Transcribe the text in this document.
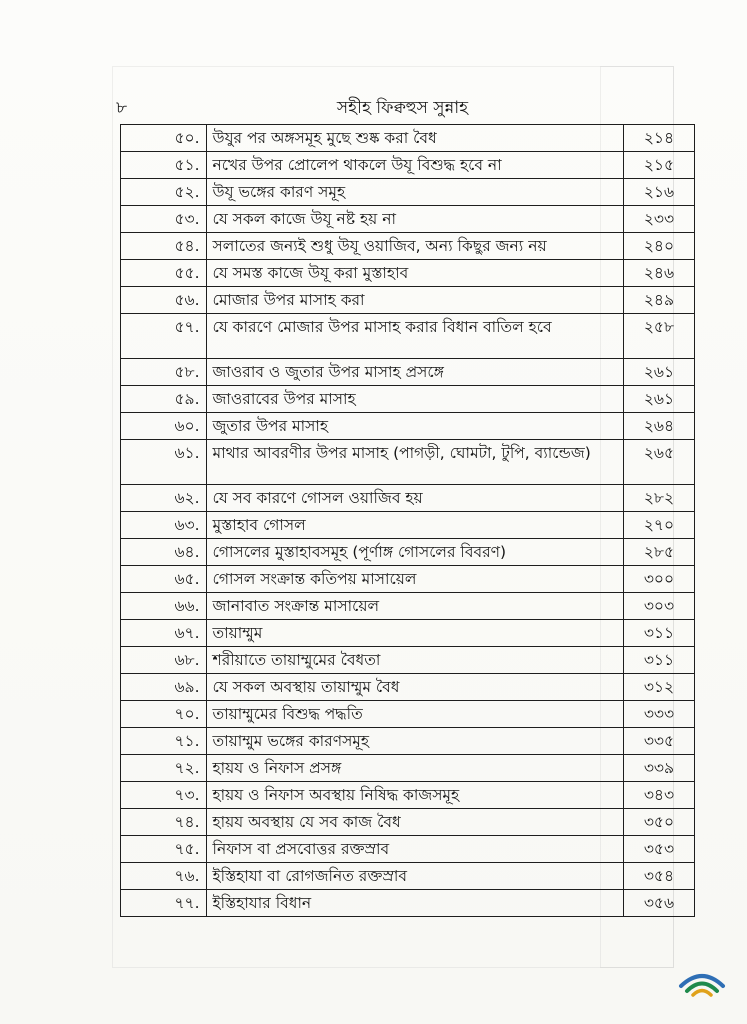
৮	সহীহ ফিক্বহুস সুন্নাহ
৫০.	উযুর পর অঙ্গসমূহ মুছে শুষ্ক করা বৈধ	২১৪
৫১.	নখের উপর প্রোলেপ থাকলে উযূ বিশুদ্ধ হবে না	২১৫
৫২.	উযূ ভঙ্গের কারণ সমূহ	২১৬
৫৩.	যে সকল কাজে উযূ নষ্ট হয় না	২৩৩
৫৪.	সলাতের জন্যই শুধু উযূ ওয়াজিব, অন্য কিছুর জন্য নয়	২৪০
৫৫.	যে সমস্ত কাজে উযূ করা মুস্তাহাব	২৪৬
৫৬.	মোজার উপর মাসাহ করা	২৪৯
৫৭.	যে কারণে মোজার উপর মাসাহ করার বিধান বাতিল হবে	২৫৮
৫৮.	জাওরাব ও জুতার উপর মাসাহ প্রসঙ্গে	২৬১
৫৯.	জাওরাবের উপর মাসাহ	২৬১
৬০.	জুতার উপর মাসাহ	২৬৪
৬১.	মাথার আবরণীর উপর মাসাহ (পাগড়ী, ঘোমটা, টুপি, ব্যান্ডেজ)	২৬৫
৬২.	যে সব কারণে গোসল ওয়াজিব হয়	২৮২
৬৩.	মুস্তাহাব গোসল	২৭০
৬৪.	গোসলের মুস্তাহাবসমূহ (পূর্ণাঙ্গ গোসলের বিবরণ)	২৮৫
৬৫.	গোসল সংক্রান্ত কতিপয় মাসায়েল	৩০০
৬৬.	জানাবাত সংক্রান্ত মাসায়েল	৩০৩
৬৭.	তায়াম্মুম	৩১১
৬৮.	শরীয়াতে তায়াম্মুমের বৈধতা	৩১১
৬৯.	যে সকল অবস্থায় তায়াম্মুম বৈধ	৩১২
৭০.	তায়াম্মুমের বিশুদ্ধ পদ্ধতি	৩৩৩
৭১.	তায়াম্মুম ভঙ্গের কারণসমূহ	৩৩৫
৭২.	হায়য ও নিফাস প্রসঙ্গ	৩৩৯
৭৩.	হায়য ও নিফাস অবস্থায় নিষিদ্ধ কাজসমূহ	৩৪৩
৭৪.	হায়য অবস্থায় যে সব কাজ বৈধ	৩৫০
৭৫.	নিফাস বা প্রসবোত্তর রক্তস্রাব	৩৫৩
৭৬.	ইস্তিহাযা বা রোগজনিত রক্তস্রাব	৩৫৪
৭৭.	ইস্তিহাযার বিধান	৩৫৬
